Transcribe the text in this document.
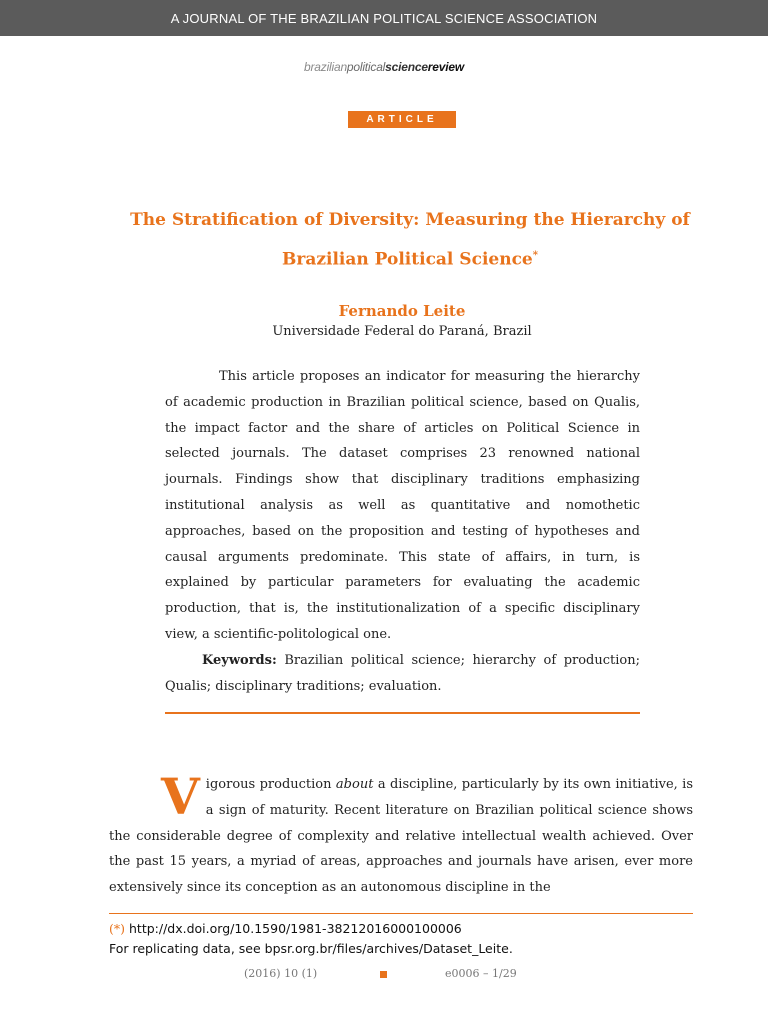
A JOURNAL OF THE BRAZILIAN POLITICAL SCIENCE ASSOCIATION
brazilianpoliticalsciencereview
ARTICLE
The Stratification of Diversity: Measuring the Hierarchy of
Brazilian Political Science*
Fernando Leite
Universidade Federal do Paraná, Brazil

This article proposes an indicator for measuring the hierarchy of academic production in Brazilian political science, based on Qualis, the impact factor and the share of articles on Political Science in selected journals. The dataset comprises 23 renowned national journals. Findings show that disciplinary traditions emphasizing institutional analysis as well as quantitative and nomothetic approaches, based on the proposition and testing of hypotheses and causal arguments predominate. This state of affairs, in turn, is explained by particular parameters for evaluating the academic production, that is, the institutionalization of a specific disciplinary view, a scientific-politological one.

Keywords: Brazilian political science; hierarchy of production; Qualis; disciplinary traditions; evaluation.

Vigorous production about a discipline, particularly by its own initiative, is a sign of maturity. Recent literature on Brazilian political science shows the considerable degree of complexity and relative intellectual wealth achieved. Over the past 15 years, a myriad of areas, approaches and journals have arisen, ever more extensively since its conception as an autonomous discipline in the

(*) http://dx.doi.org/10.1590/1981-38212016000100006
For replicating data, see bpsr.org.br/files/archives/Dataset_Leite.
(2016) 10 (1)	e0006 – 1/29
